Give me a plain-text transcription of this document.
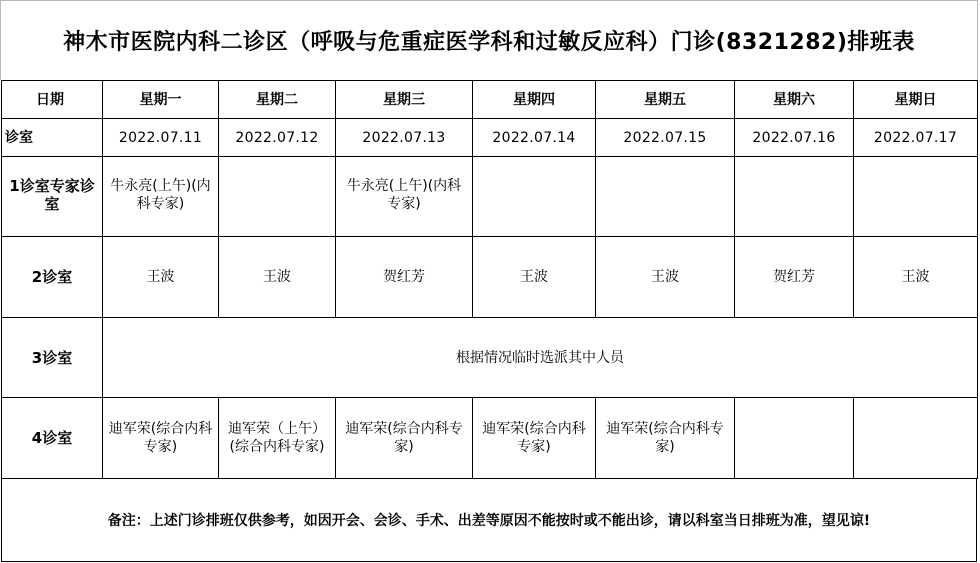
神木市医院内科二诊区（呼吸与危重症医学科和过敏反应科）门诊(8321282)排班表
日期	星期一	星期二	星期三	星期四	星期五	星期六	星期日
诊室	2022.07.11	2022.07.12	2022.07.13	2022.07.14	2022.07.15	2022.07.16	2022.07.17
1诊室专家诊室	牛永亮(上午)(内科专家)		牛永亮(上午)(内科专家)				
2诊室	王波	王波	贺红芳	王波	王波	贺红芳	王波
3诊室	根据情况临时选派其中人员						
4诊室	迪军荣(综合内科专家)	迪军荣（上午）(综合内科专家)	迪军荣(综合内科专家)	迪军荣(综合内科专家)	迪军荣(综合内科专家)		
备注：上述门诊排班仅供参考，如因开会、会诊、手术、出差等原因不能按时或不能出诊，请以科室当日排班为准，望见谅!
